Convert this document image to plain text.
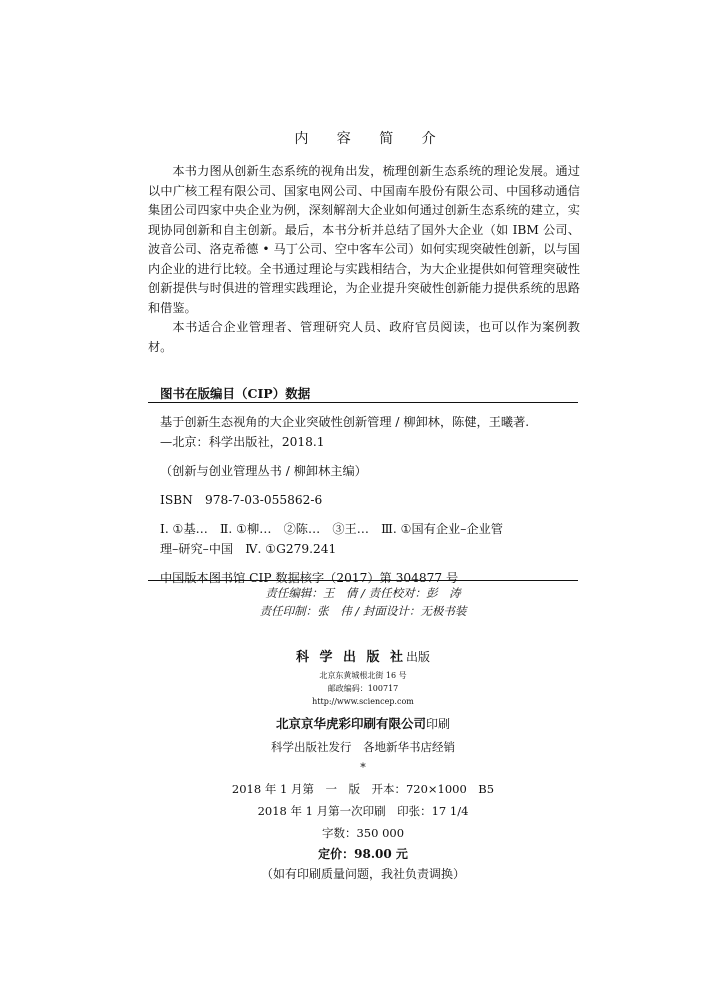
内 容 简 介

本书力图从创新生态系统的视角出发，梳理创新生态系统的理论发展。通过以中广核工程有限公司、国家电网公司、中国南车股份有限公司、中国移动通信集团公司四家中央企业为例，深刻解剖大企业如何通过创新生态系统的建立，实现协同创新和自主创新。最后，本书分析并总结了国外大企业（如 IBM 公司、波音公司、洛克希德 • 马丁公司、空中客车公司）如何实现突破性创新，以与国内企业的进行比较。全书通过理论与实践相结合，为大企业提供如何管理突破性创新提供与时俱进的管理实践理论，为企业提升突破性创新能力提供系统的思路和借鉴。

本书适合企业管理者、管理研究人员、政府官员阅读，也可以作为案例教材。

图书在版编目（CIP）数据

基于创新生态视角的大企业突破性创新管理 / 柳卸林，陈健，王曦著.

—北京：科学出版社，2018.1

（创新与创业管理丛书 / 柳卸林主编）

ISBN　978-7-03-055862-6

Ⅰ. ①基…　Ⅱ. ①柳…　②陈…　③王…　Ⅲ. ①国有企业–企业管

理–研究–中国　Ⅳ. ①G279.241

中国版本图书馆 CIP 数据核字（2017）第 304877 号

责任编辑：王　倩 / 责任校对：彭　涛

责任印制：张　伟 / 封面设计：无极书装

科 学 出 版 社出版

北京东黄城根北街 16 号

邮政编码：100717

http://www.sciencep.com

北京京华虎彩印刷有限公司印刷

科学出版社发行　各地新华书店经销

*

2018 年 1 月第　一　版　开本：720×1000　B5

2018 年 1 月第一次印刷　印张：17 1/4

字数：350 000

定价：98.00 元

（如有印刷质量问题，我社负责调换）
